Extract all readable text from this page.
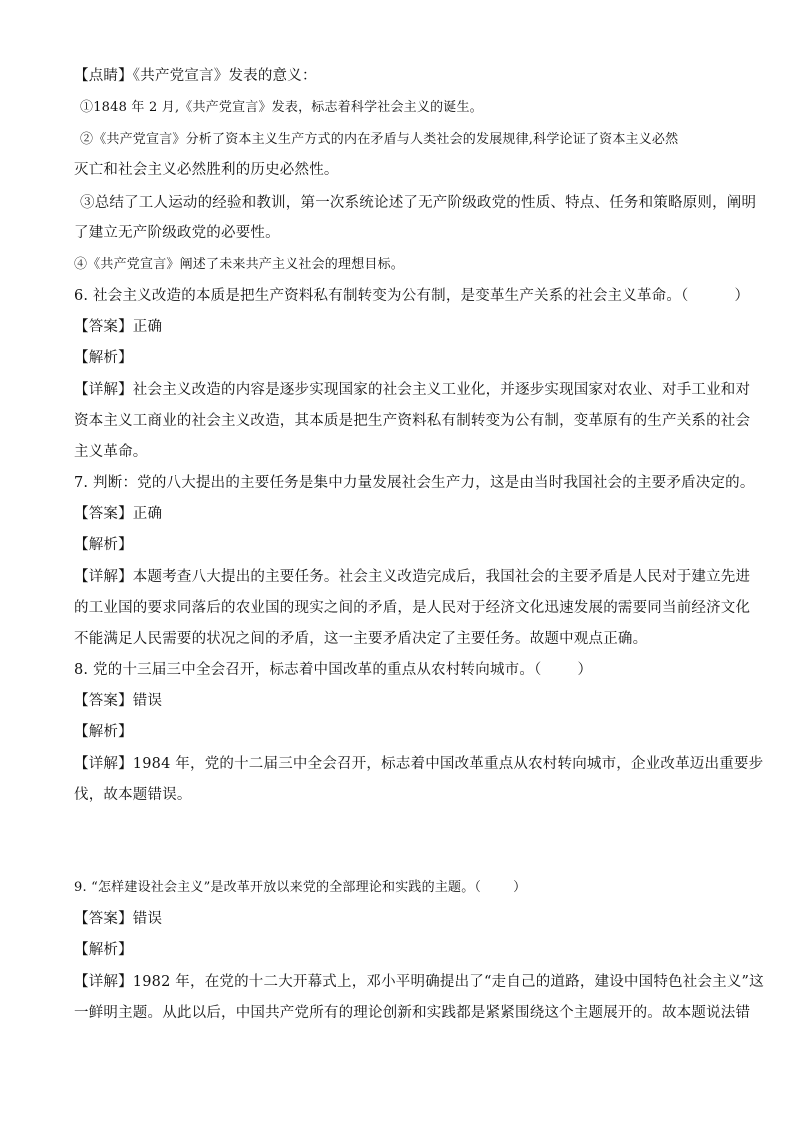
【点睛】《共产党宣言》发表的意义：
①1848 年 2 月,《共产党宣言》发表，标志着科学社会主义的诞生。
②《共产党宣言》分析了资本主义生产方式的内在矛盾与人类社会的发展规律,科学论证了资本主义必然
灭亡和社会主义必然胜利的历史必然性。
③总结了工人运动的经验和教训，第一次系统论述了无产阶级政党的性质、特点、任务和策略原则，阐明
了建立无产阶级政党的必要性。
④《共产党宣言》阐述了未来共产主义社会的理想目标。
6. 社会主义改造的本质是把生产资料私有制转变为公有制，是变革生产关系的社会主义革命。（	）
【答案】正确
【解析】
【详解】社会主义改造的内容是逐步实现国家的社会主义工业化，并逐步实现国家对农业、对手工业和对
资本主义工商业的社会主义改造，其本质是把生产资料私有制转变为公有制，变革原有的生产关系的社会
主义革命。
7. 判断：党的八大提出的主要任务是集中力量发展社会生产力，这是由当时我国社会的主要矛盾决定的。
【答案】正确
【解析】
【详解】本题考查八大提出的主要任务。社会主义改造完成后，我国社会的主要矛盾是人民对于建立先进
的工业国的要求同落后的农业国的现实之间的矛盾，是人民对于经济文化迅速发展的需要同当前经济文化
不能满足人民需要的状况之间的矛盾，这一主要矛盾决定了主要任务。故题中观点正确。
8. 党的十三届三中全会召开，标志着中国改革的重点从农村转向城市。（ ）
【答案】错误
【解析】
【详解】1984 年，党的十二届三中全会召开，标志着中国改革重点从农村转向城市，企业改革迈出重要步
伐，故本题错误。
9. “怎样建设社会主义”是改革开放以来党的全部理论和实践的主题。（ ）
【答案】错误
【解析】
【详解】1982 年，在党的十二大开幕式上，邓小平明确提出了“走自己的道路，建设中国特色社会主义”这
一鲜明主题。从此以后，中国共产党所有的理论创新和实践都是紧紧围绕这个主题展开的。故本题说法错
